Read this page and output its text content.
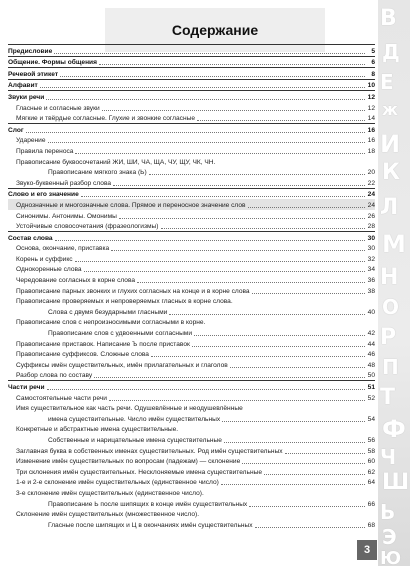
Содержание
Предисловие	5
Общение. Формы общения	6
Речевой этикет	8
Алфавит	10
Звуки речи	12
Гласные и согласные звуки	12
Мягкие и твёрдые согласные. Глухие и звонкие согласные	14
Слог	16
Ударение	16
Правила переноса	18
Правописание буквосочетаний ЖИ, ШИ, ЧА, ЩА, ЧУ, ЩУ, ЧК, ЧН.
Правописание мягкого знака (Ь)	20
Звуко-буквенный разбор слова	22
Слово и его значение	24
Однозначные и многозначные слова. Прямое и переносное значение слов	24
Синонимы. Антонимы. Омонимы	26
Устойчивые словосочетания (фразеологизмы)	28
Состав слова	30
Основа, окончание, приставка	30
Корень и суффикс	32
Однокоренные слова	34
Чередование согласных в корне слова	36
Правописание парных звонких и глухих согласных на конце и в корне слова	38
Правописание проверяемых и непроверяемых гласных в корне слова.
Слова с двумя безударными гласными	40
Правописание слов с непроизносимыми согласными в корне.
Правописание слов с удвоенными согласными	42
Правописание приставок. Написание Ъ после приставок	44
Правописание суффиксов. Сложные слова	46
Суффиксы имён существительных, имён прилагательных и глаголов	48
Разбор слова по составу	50
Части речи	51
Самостоятельные части речи	52
Имя существительное как часть речи. Одушевлённые и неодушевлённые
имена существительные. Число имён существительных	54
Конкретные и абстрактные имена существительные.
Собственные и нарицательные имена существительные	56
Заглавная буква в собственных именах существительных. Род имён существительных	58
Изменение имён существительных по вопросам (падежам) — склонение	60
Три склонения имён существительных. Несклоняемые имена существительные	62
1-е и 2-е склонение имён существительных (единственное число)	64
3-е склонение имён существительных (единственное число).
Правописание Ь после шипящих в конце имён существительных	66
Склонение имён существительных (множественное число).
Гласные после шипящих и Ц в окончаниях имён существительных	68
3
В
Д
Е
ж
И
К
Л
М
Н
О
Р
П
Т
Ф
Ч
Ш
Ь
Э
Ю
